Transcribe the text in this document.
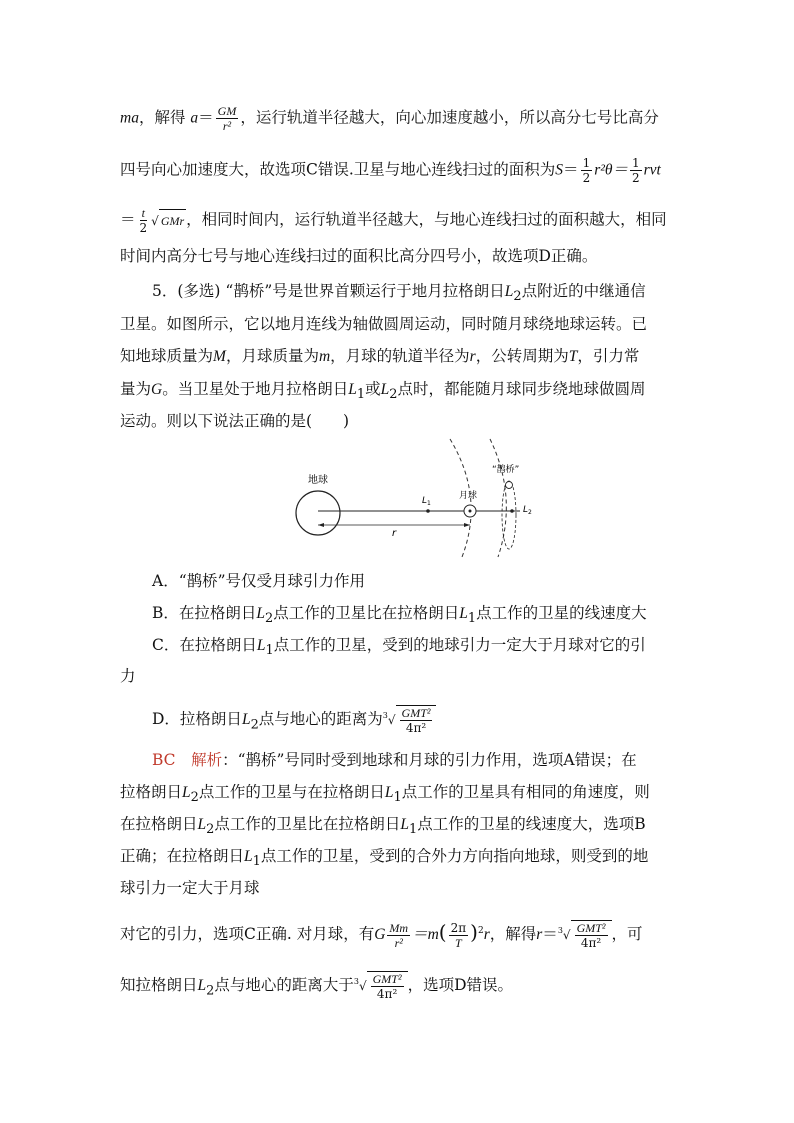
ma，解得 $a= \frac{GM}{\text{r²}}$ ，运行轨道半径越大，向心加速度越小，所以高分七号比高分
四号向心加速度大，故选项C错误.卫星与地心连线扫过的面积为$S= \frac{1}{2} r^2\theta= \frac{1}{2}$ rvt
＝ $\frac{t}{2}$ √ GMr ，相同时间内，运行轨道半径越大，与地心连线扫过的面积越大，相同
时间内高分七号与地心连线扫过的面积比高分四号小，故选项D正确。
5．(多选) “鹊桥”号是世界首颗运行于地月拉格朗日$L_2$点附近的中继通信
卫星。如图所示，它以地月连线为轴做圆周运动，同时随月球绕地球运转。已
知地球质量为M，月球质量为m，月球的轨道半径为r，公转周期为T，引力常
量为G。当卫星处于地月拉格朗日$L_1$或$L_2$点时，都能随月球同步绕地球做圆周
运动。则以下说法正确的是(　　)
地球
r
$L_1$
月球
“鹊桥”
$L_2$
A．“鹊桥”号仅受月球引力作用
B．在拉格朗日$L_2$点工作的卫星比在拉格朗日$L_1$点工作的卫星的线速度大
C．在拉格朗日$L_1$点工作的卫星，受到的地球引力一定大于月球对它的引
力
D．拉格朗日$L_2$点与地心的距离为$^3√ \frac{\text{GMT²}}{\text{4π²}}$
BC　 解析：“鹊桥”号同时受到地球和月球的引力作用，选项A错误；在
拉格朗日$L_2$点工作的卫星与在拉格朗日$L_1$点工作的卫星具有相同的角速度，则
在拉格朗日$L_2$点工作的卫星比在拉格朗日$L_1$点工作的卫星的线速度大，选项B
正确；在拉格朗日$L_1$点工作的卫星，受到的合外力方向指向地球，则受到的地
球引力一定大于月球
对它的引力，选项C正确. 对月球，有G $\frac{Mm}{\text{r²}} =m( \frac{2\pi}{T} )^2r$，解得$r=^3√ \frac{\text{GMT²}}{\text{4π²}}$ ，可
知拉格朗日$L_2$点与地心的距离大于$^3√ \frac{\text{GMT²}}{\text{4π²}}$ ，选项D错误。
